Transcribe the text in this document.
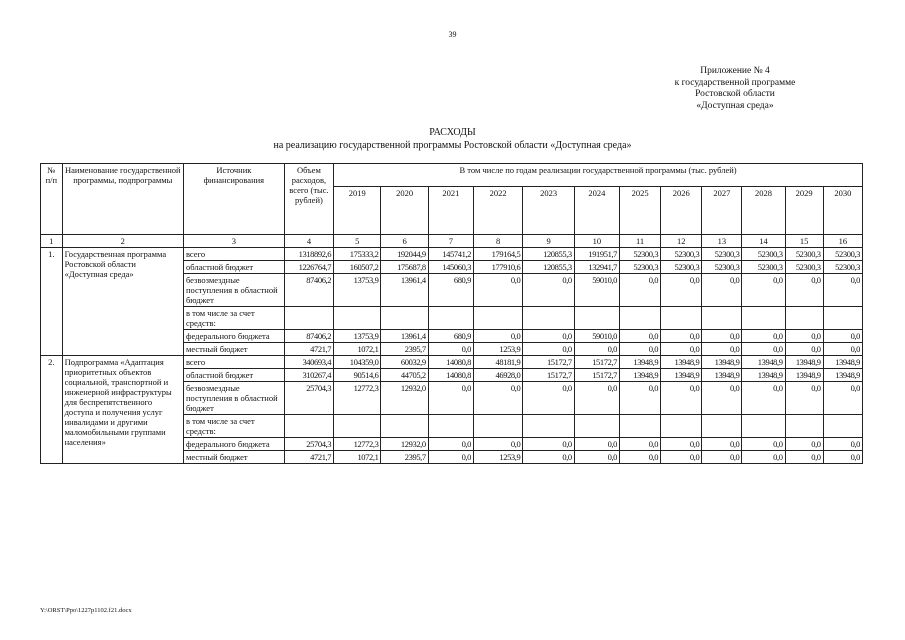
39
Приложение № 4
к государственной программе
Ростовской области
«Доступная среда»
РАСХОДЫ
на реализацию государственной программы Ростовской области «Доступная среда»
№ п/п	Наименование государственной программы, подпрограммы	Источник финансирования	Объем расходов, всего (тыс. рублей)	В том числе по годам реализации государственной программы (тыс. рублей)											
				2019	2020	2021	2022	2023	2024	2025	2026	2027	2028	2029	2030
1	2	3	4	5	6	7	8	9	10	11	12	13	14	15	16
1.	Государственная программа Ростовской области «Доступная среда»	всего	1318892,6	175333,2	192044,9	145741,2	179164,5	120855,3	191951,7	52300,3	52300,3	52300,3	52300,3	52300,3	52300,3
		областной бюджет	1226764,7	160507,2	175687,8	145060,3	177910,6	120855,3	132941,7	52300,3	52300,3	52300,3	52300,3	52300,3	52300,3
		безвозмездные поступления в областной бюджет	87406,2	13753,9	13961,4	680,9	0,0	0,0	59010,0	0,0	0,0	0,0	0,0	0,0	0,0
		в том числе за счет средств:													
		федерального бюджета	87406,2	13753,9	13961,4	680,9	0,0	0,0	59010,0	0,0	0,0	0,0	0,0	0,0	0,0
		местный бюджет	4721,7	1072,1	2395,7	0,0	1253,9	0,0	0,0	0,0	0,0	0,0	0,0	0,0	0,0
2.	Подпрограмма «Адаптация приоритетных объектов социальной, транспортной и инженерной инфраструктуры для беспрепятственного доступа и получения услуг инвалидами и другими маломобильными группами населения»	всего	340693,4	104359,0	60032,9	14080,8	48181,9	15172,7	15172,7	13948,9	13948,9	13948,9	13948,9	13948,9	13948,9
		областной бюджет	310267,4	90514,6	44705,2	14080,8	46928,0	15172,7	15172,7	13948,9	13948,9	13948,9	13948,9	13948,9	13948,9
		безвозмездные поступления в областной бюджет	25704,3	12772,3	12932,0	0,0	0,0	0,0	0,0	0,0	0,0	0,0	0,0	0,0	0,0
		в том числе за счет средств:													
		федерального бюджета	25704,3	12772,3	12932,0	0,0	0,0	0,0	0,0	0,0	0,0	0,0	0,0	0,0	0,0
		местный бюджет	4721,7	1072,1	2395,7	0,0	1253,9	0,0	0,0	0,0	0,0	0,0	0,0	0,0	0,0
Y:\ORST\Ppo\1227p1102.f21.docx
